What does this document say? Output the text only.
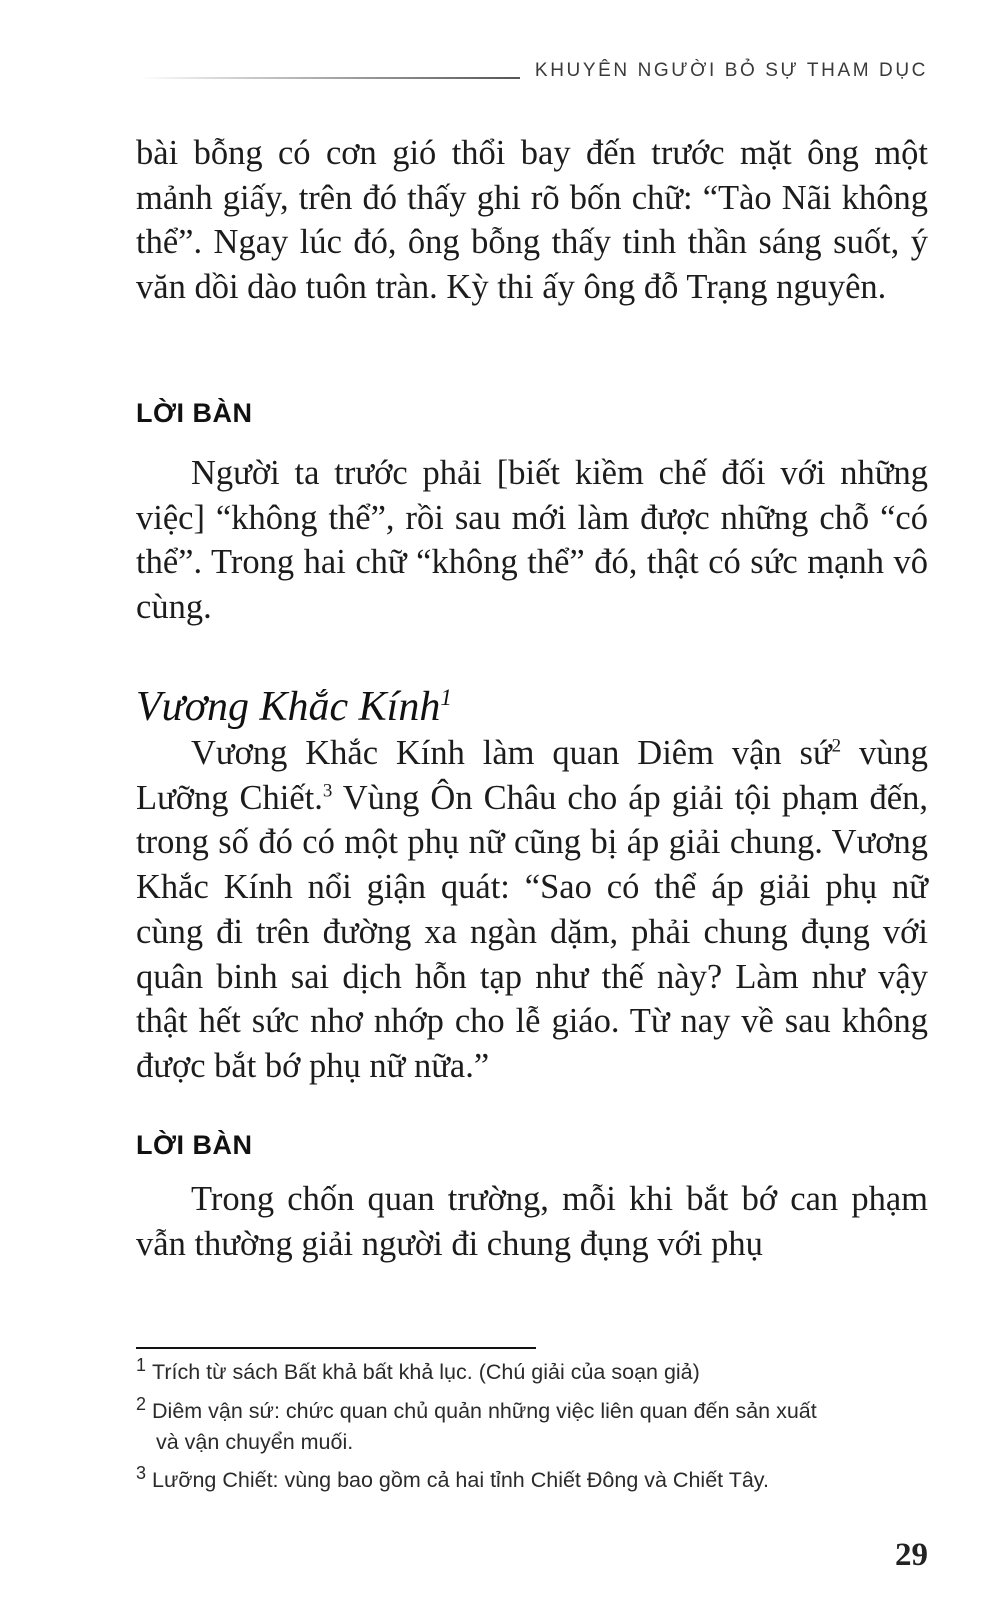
KHUYÊN NGƯỜI BỎ SỰ THAM DỤC

bài bỗng có cơn gió thổi bay đến trước mặt ông một mảnh giấy, trên đó thấy ghi rõ bốn chữ: “Tào Nãi không thể”. Ngay lúc đó, ông bỗng thấy tinh thần sáng suốt, ý văn dồi dào tuôn tràn. Kỳ thi ấy ông đỗ Trạng nguyên.

LỜI BÀN

Người ta trước phải [biết kiềm chế đối với những việc] “không thể”, rồi sau mới làm được những chỗ “có thể”. Trong hai chữ “không thể” đó, thật có sức mạnh vô cùng.

Vương Khắc Kính$^1$

Vương Khắc Kính làm quan Diêm vận sứ$^2$ vùng Lưỡng Chiết.$^3$ Vùng Ôn Châu cho áp giải tội phạm đến, trong số đó có một phụ nữ cũng bị áp giải chung. Vương Khắc Kính nổi giận quát: “Sao có thể áp giải phụ nữ cùng đi trên đường xa ngàn dặm, phải chung đụng với quân binh sai dịch hỗn tạp như thế này? Làm như vậy thật hết sức nhơ nhớp cho lễ giáo. Từ nay về sau không được bắt bớ phụ nữ nữa.”

LỜI BÀN

Trong chốn quan trường, mỗi khi bắt bớ can phạm vẫn thường giải người đi chung đụng với phụ

$^1$ Trích từ sách Bất khả bất khả lục. (Chú giải của soạn giả)

$^2$ Diêm vận sứ: chức quan chủ quản những việc liên quan đến sản xuất
và vận chuyển muối.

$^3$ Lưỡng Chiết: vùng bao gồm cả hai tỉnh Chiết Đông và Chiết Tây.

29
